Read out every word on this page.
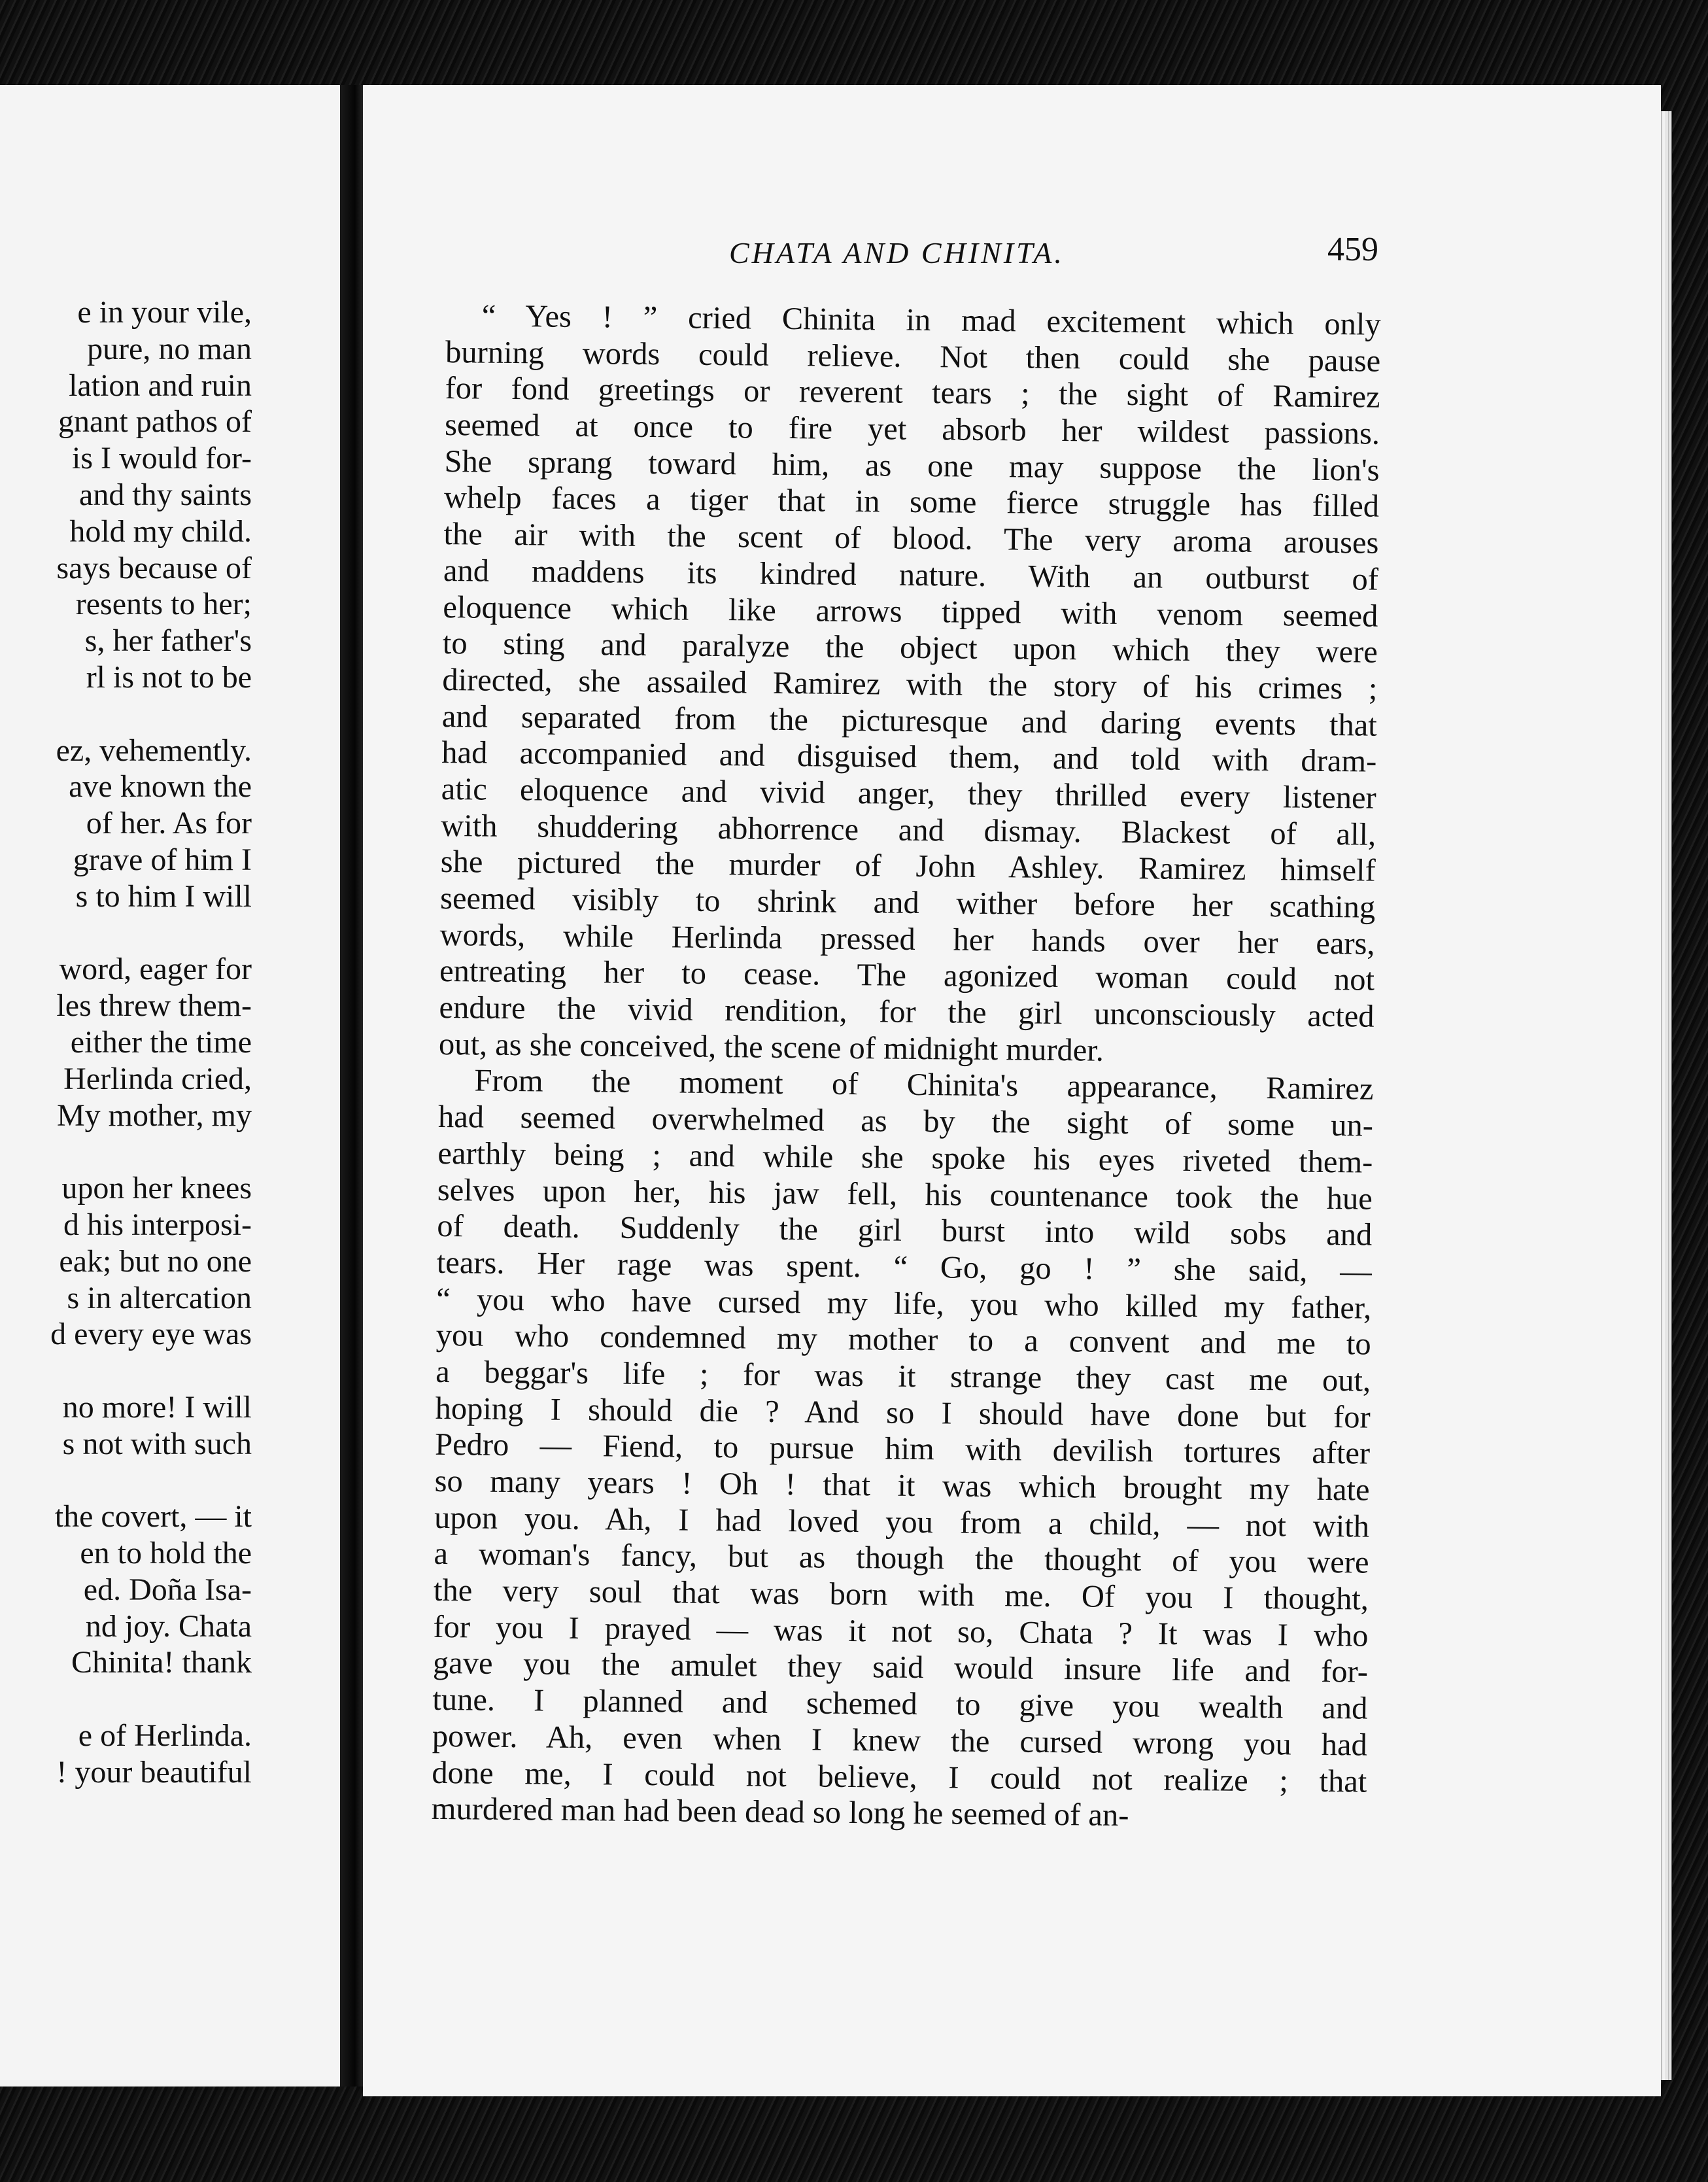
e in your vile,
pure, no man
lation and ruin
gnant pathos of
is I would for-
and thy saints
hold my child.
says because of
resents to her;
s, her father's
rl is not to be
ez, vehemently.
ave known the
of her. As for
grave of him I
s to him I will
word, eager for
les threw them-
either the time
Herlinda cried,
My mother, my
upon her knees
d his interposi-
eak; but no one
s in altercation
d every eye was
no more! I will
s not with such
the covert, — it
en to hold the
ed. Doña Isa-
nd joy. Chata
Chinita! thank
e of Herlinda.
! your beautiful
CHATA AND CHINITA.	459
“ Yes ! ” cried Chinita in mad excitement which only
burning words could relieve. Not then could she pause
for fond greetings or reverent tears ; the sight of Ramirez
seemed at once to fire yet absorb her wildest passions.
She sprang toward him, as one may suppose the lion's
whelp faces a tiger that in some fierce struggle has filled
the air with the scent of blood. The very aroma arouses
and maddens its kindred nature. With an outburst of
eloquence which like arrows tipped with venom seemed
to sting and paralyze the object upon which they were
directed, she assailed Ramirez with the story of his crimes ;
and separated from the picturesque and daring events that
had accompanied and disguised them, and told with dram-
atic eloquence and vivid anger, they thrilled every listener
with shuddering abhorrence and dismay. Blackest of all,
she pictured the murder of John Ashley. Ramirez himself
seemed visibly to shrink and wither before her scathing
words, while Herlinda pressed her hands over her ears,
entreating her to cease. The agonized woman could not
endure the vivid rendition, for the girl unconsciously acted
out, as she conceived, the scene of midnight murder.
From the moment of Chinita's appearance, Ramirez
had seemed overwhelmed as by the sight of some un-
earthly being ; and while she spoke his eyes riveted them-
selves upon her, his jaw fell, his countenance took the hue
of death. Suddenly the girl burst into wild sobs and
tears. Her rage was spent. “ Go, go ! ” she said, —
“ you who have cursed my life, you who killed my father,
you who condemned my mother to a convent and me to
a beggar's life ; for was it strange they cast me out,
hoping I should die ? And so I should have done but for
Pedro — Fiend, to pursue him with devilish tortures after
so many years ! Oh ! that it was which brought my hate
upon you. Ah, I had loved you from a child, — not with
a woman's fancy, but as though the thought of you were
the very soul that was born with me. Of you I thought,
for you I prayed — was it not so, Chata ? It was I who
gave you the amulet they said would insure life and for-
tune. I planned and schemed to give you wealth and
power. Ah, even when I knew the cursed wrong you had
done me, I could not believe, I could not realize ; that
murdered man had been dead so long he seemed of an-
